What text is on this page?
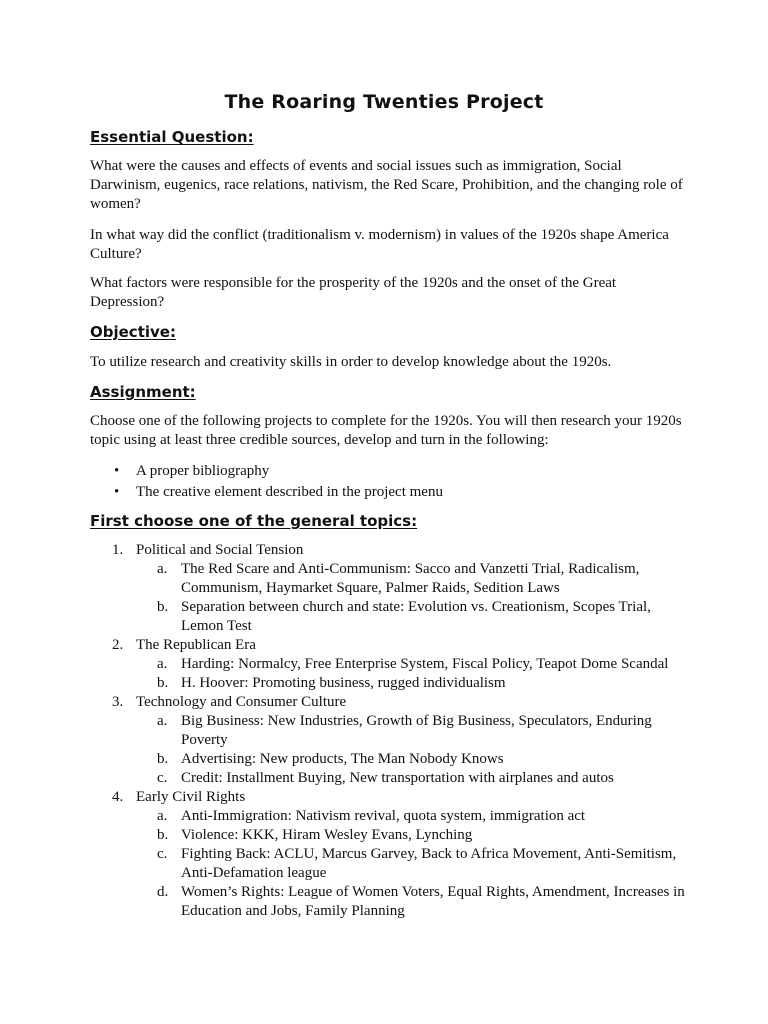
The Roaring Twenties Project
Essential Question:

What were the causes and effects of events and social issues such as immigration, Social Darwinism, eugenics, race relations, nativism, the Red Scare, Prohibition, and the changing role of women?

In what way did the conflict (traditionalism v. modernism) in values of the 1920s shape America Culture?

What factors were responsible for the prosperity of the 1920s and the onset of the Great Depression?

Objective:

To utilize research and creativity skills in order to develop knowledge about the 1920s.

Assignment:

Choose one of the following projects to complete for the 1920s. You will then research your 1920s topic using at least three credible sources, develop and turn in the following:

• A proper bibliography
• The creative element described in the project menu
First choose one of the general topics:
1. Political and Social Tension
a. The Red Scare and Anti-Communism: Sacco and Vanzetti Trial, Radicalism, Communism, Haymarket Square, Palmer Raids, Sedition Laws
b. Separation between church and state: Evolution vs. Creationism, Scopes Trial, Lemon Test
2. The Republican Era
a. Harding: Normalcy, Free Enterprise System, Fiscal Policy, Teapot Dome Scandal
b. H. Hoover: Promoting business, rugged individualism
3. Technology and Consumer Culture
a. Big Business: New Industries, Growth of Big Business, Speculators, Enduring Poverty
b. Advertising: New products, The Man Nobody Knows
c. Credit: Installment Buying, New transportation with airplanes and autos
4. Early Civil Rights
a. Anti-Immigration: Nativism revival, quota system, immigration act
b. Violence: KKK, Hiram Wesley Evans, Lynching
c. Fighting Back: ACLU, Marcus Garvey, Back to Africa Movement, Anti-Semitism, Anti-Defamation league
d. Women’s Rights: League of Women Voters, Equal Rights, Amendment, Increases in Education and Jobs, Family Planning
